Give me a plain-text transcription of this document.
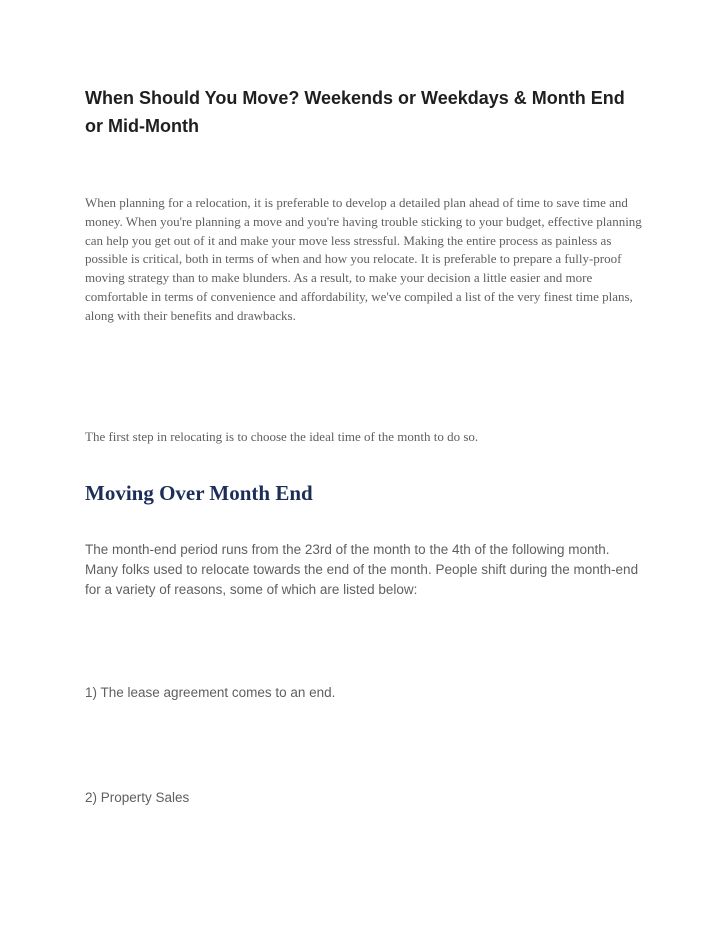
When Should You Move? Weekends or Weekdays & Month End or Mid-Month

When planning for a relocation, it is preferable to develop a detailed plan ahead of time to save time and money. When you're planning a move and you're having trouble sticking to your budget, effective planning can help you get out of it and make your move less stressful. Making the entire process as painless as possible is critical, both in terms of when and how you relocate. It is preferable to prepare a fully-proof moving strategy than to make blunders. As a result, to make your decision a little easier and more comfortable in terms of convenience and affordability, we've compiled a list of the very finest time plans, along with their benefits and drawbacks.

The first step in relocating is to choose the ideal time of the month to do so.

Moving Over Month End

The month-end period runs from the 23rd of the month to the 4th of the following month. Many folks used to relocate towards the end of the month. People shift during the month-end for a variety of reasons, some of which are listed below:

1) The lease agreement comes to an end.

2) Property Sales
